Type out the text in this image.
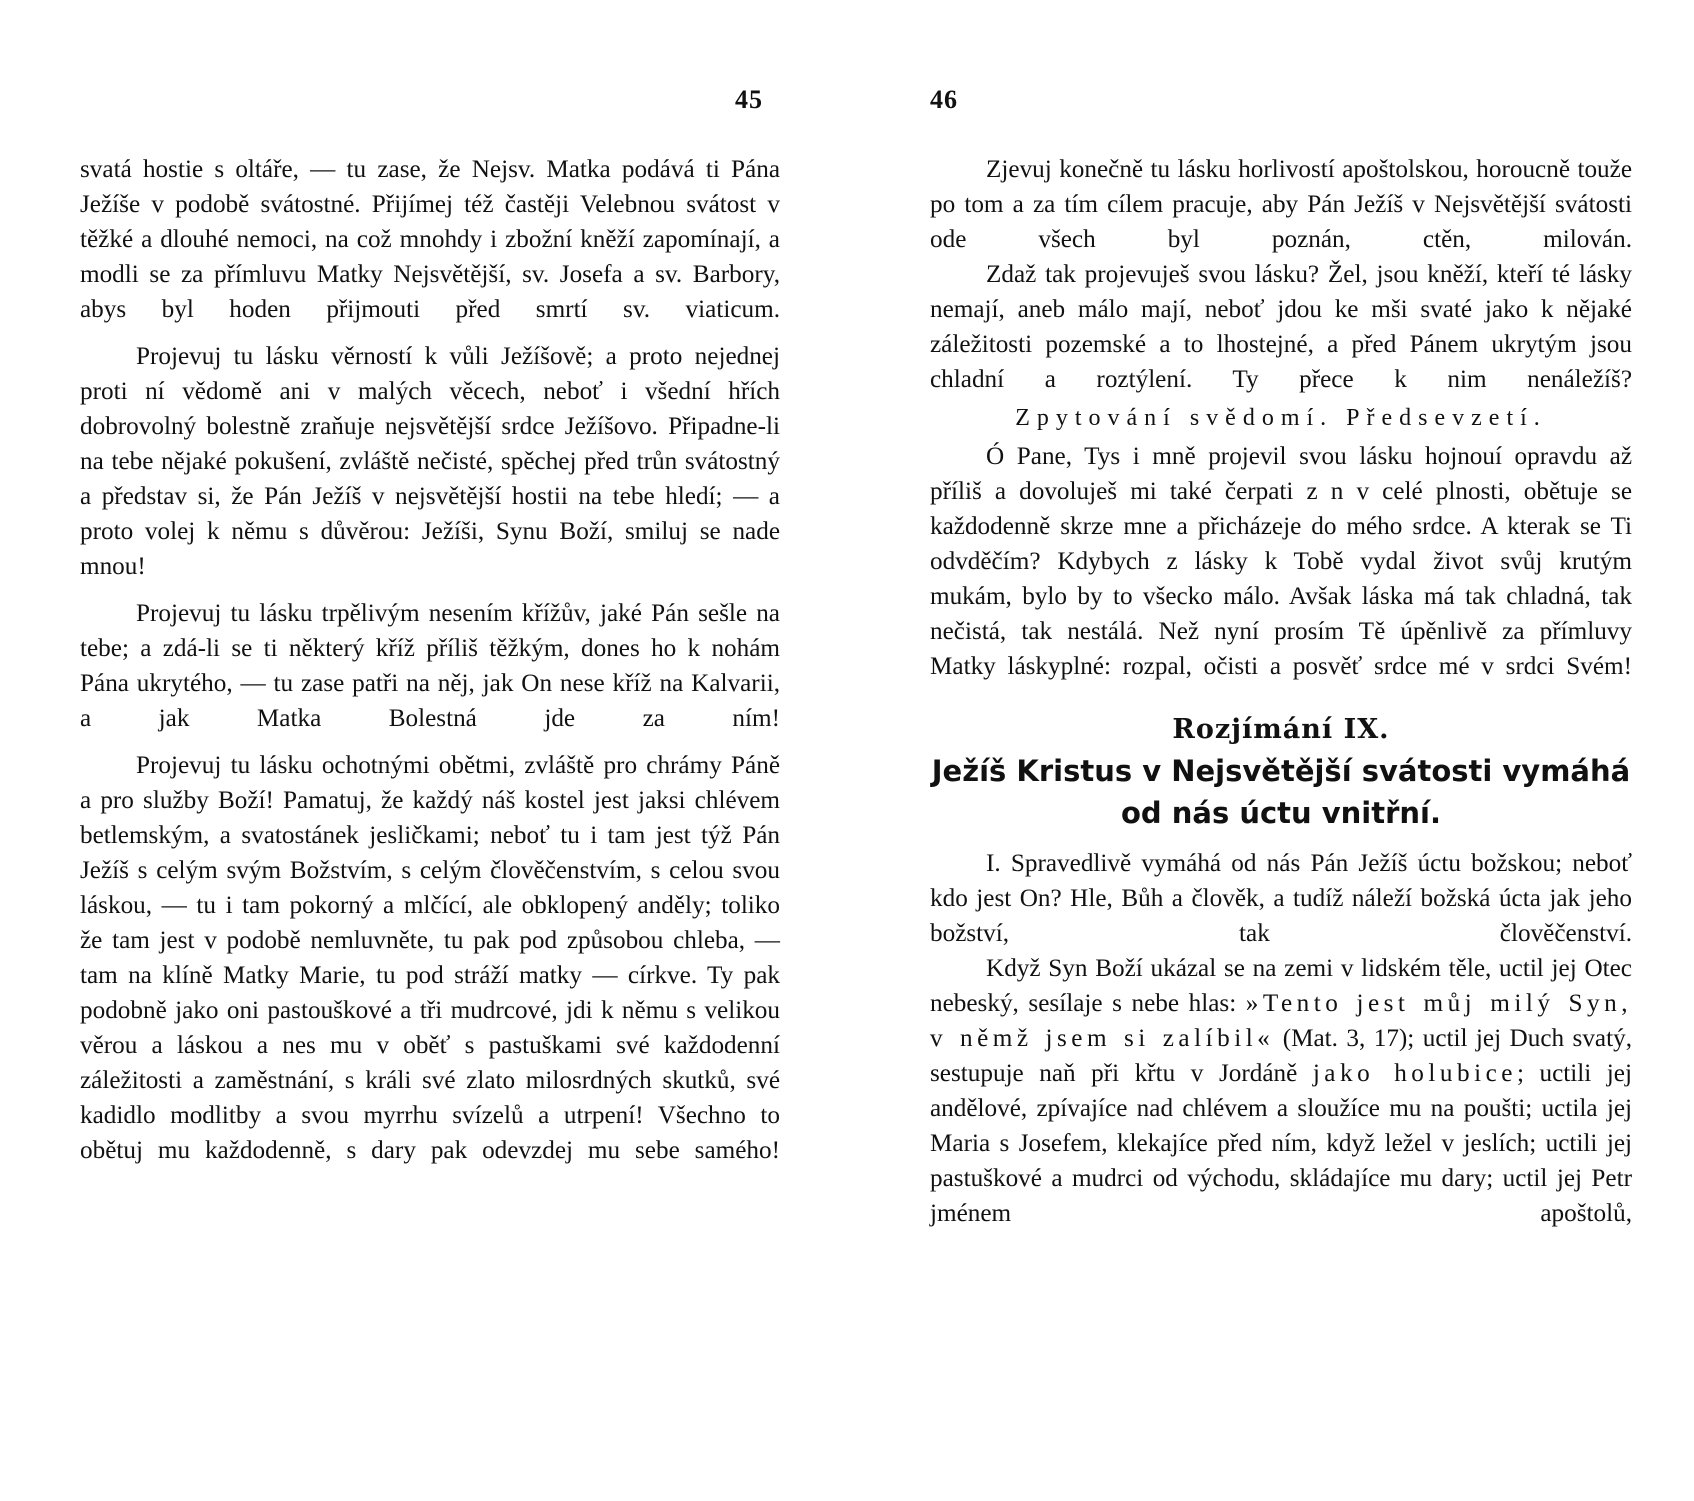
45

svatá hostie s oltáře, — tu zase, že Nejsv. Matka podává ti Pána Ježíše v podobě svátostné. Přijímej též častěji Velebnou svátost v těžké a dlouhé nemoci, na což mnohdy i zbožní kněží zapomínají, a modli se za přímluvu Matky Nejsvětější, sv. Josefa a sv. Barbory, abys byl hoden přijmouti před smrtí sv. viaticum.

Projevuj tu lásku věrností k vůli Ježíšově; a proto nejednej proti ní vědomě ani v malých věcech, neboť i všední hřích dobrovolný bolestně zraňuje nejsvětější srdce Ježíšovo. Připadne-li na tebe nějaké pokušení, zvláště nečisté, spěchej před trůn svátostný a představ si, že Pán Ježíš v nejsvětější hostii na tebe hledí; — a proto volej k němu s důvěrou: Ježíši, Synu Boží, smiluj se nade mnou!

Projevuj tu lásku trpělivým nesením křížův, jaké Pán sešle na tebe; a zdá-li se ti některý kříž příliš těžkým, dones ho k nohám Pána ukrytého, — tu zase patři na něj, jak On nese kříž na Kalvarii, a jak Matka Bolestná jde za ním!

Projevuj tu lásku ochotnými obětmi, zvláště pro chrámy Páně a pro služby Boží! Pamatuj, že každý náš kostel jest jaksi chlévem betlemským, a svatostánek jesličkami; neboť tu i tam jest týž Pán Ježíš s celým svým Božstvím, s celým člověčenstvím, s celou svou láskou, — tu i tam pokorný a mlčící, ale obklopený anděly; toliko že tam jest v podobě nemluvněte, tu pak pod způsobou chleba, — tam na klíně Matky Marie, tu pod stráží matky — církve. Ty pak podobně jako oni pastouškové a tři mudrcové, jdi k němu s velikou věrou a láskou a nes mu v oběť s pastuškami své každodenní záležitosti a zaměstnání, s králi své zlato milosrdných skutků, své kadidlo modlitby a svou myrrhu svízelů a utrpení! Všechno to obětuj mu každodenně, s dary pak odevzdej mu sebe samého!

46

Zjevuj konečně tu lásku horlivostí apoštolskou, horoucně touže po tom a za tím cílem pracuje, aby Pán Ježíš v Nejsvětější svátosti ode všech byl poznán, ctěn, milován.

Zdaž tak projevuješ svou lásku? Žel, jsou kněží, kteří té lásky nemají, aneb málo mají, neboť jdou ke mši svaté jako k nějaké záležitosti pozemské a to lhostejné, a před Pánem ukrytým jsou chladní a roztýlení. Ty přece k nim nenáležíš?

Zpytování svědomí. Předsevzetí.

Ó Pane, Tys i mně projevil svou lásku hojnouí opravdu až příliš a dovoluješ mi také čerpati z n v celé plnosti, obětuje se každodenně skrze mne a přicházeje do mého srdce. A kterak se Ti odvděčím? Kdybych z lásky k Tobě vydal život svůj krutým mukám, bylo by to všecko málo. Avšak láska má tak chladná, tak nečistá, tak nestálá. Než nyní prosím Tě úpěnlivě za přímluvy Matky láskyplné: rozpal, očisti a posvěť srdce mé v srdci Svém!

Rozjímání IX.
Ježíš Kristus v Nejsvětější svátosti vymáhá
od nás úctu vnitřní.

I. Spravedlivě vymáhá od nás Pán Ježíš úctu božskou; neboť kdo jest On? Hle, Bůh a člověk, a tudíž náleží božská úcta jak jeho božství, tak člověčenství.

Když Syn Boží ukázal se na zemi v lidském těle, uctil jej Otec nebeský, sesílaje s nebe hlas: »Tento jest můj milý Syn, v němž jsem si zalíbil« (Mat. 3, 17); uctil jej Duch svatý, sestupuje naň při křtu v Jordáně jako holubice; uctili jej andělové, zpívajíce nad chlévem a sloužíce mu na poušti; uctila jej Maria s Josefem, klekajíce před ním, když ležel v jeslích; uctili jej pastuškové a mudrci od východu, skládajíce mu dary; uctil jej Petr jménem apoštolů,
